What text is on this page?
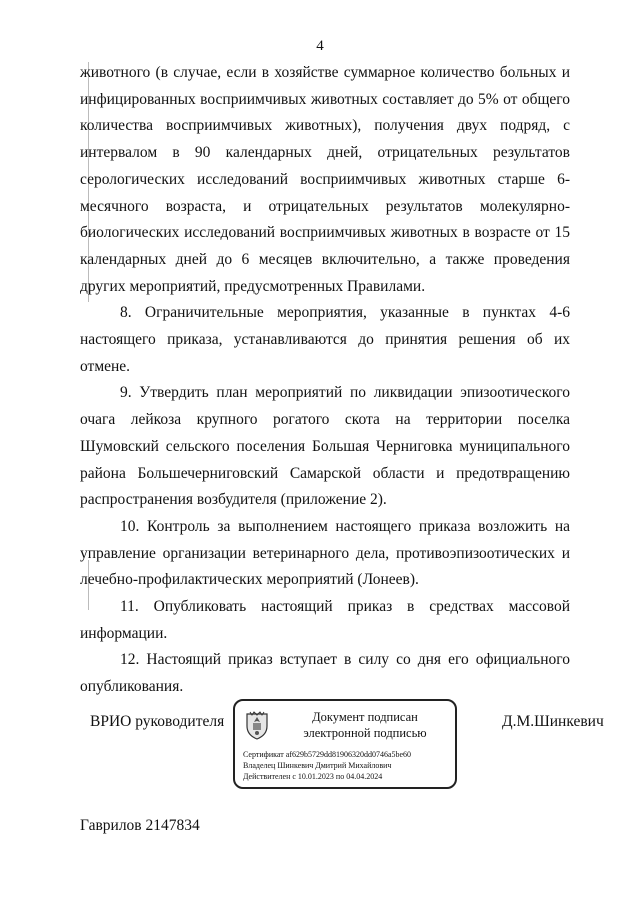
4

животного (в случае, если в хозяйстве суммарное количество больных и инфицированных восприимчивых животных составляет до 5% от общего количества восприимчивых животных), получения двух подряд, с интервалом в 90 календарных дней, отрицательных результатов серологических исследований восприимчивых животных старше 6-месячного возраста, и отрицательных результатов молекулярно-биологических исследований восприимчивых животных в возрасте от 15 календарных дней до 6 месяцев включительно, а также проведения других мероприятий, предусмотренных Правилами.

8. Ограничительные мероприятия, указанные в пунктах 4-6 настоящего приказа, устанавливаются до принятия решения об их отмене.

9. Утвердить план мероприятий по ликвидации эпизоотического очага лейкоза крупного рогатого скота на территории поселка Шумовский сельского поселения Большая Черниговка муниципального района Большечерниговский Самарской области и предотвращению распространения возбудителя (приложение 2).

10. Контроль за выполнением настоящего приказа возложить на управление организации ветеринарного дела, противоэпизоотических и лечебно-профилактических мероприятий (Лонеев).

11. Опубликовать настоящий приказ в средствах массовой информации.

12. Настоящий приказ вступает в силу со дня его официального опубликования.

ВРИО руководителя	Документ подписан
электронной подписью
Сертификат af629b5729dd81906320dd0746a5be60
Владелец Шинкевич Дмитрий Михайлович
Действителен с 10.01.2023 по 04.04.2024
Д.М.Шинкевич
Гаврилов 2147834
